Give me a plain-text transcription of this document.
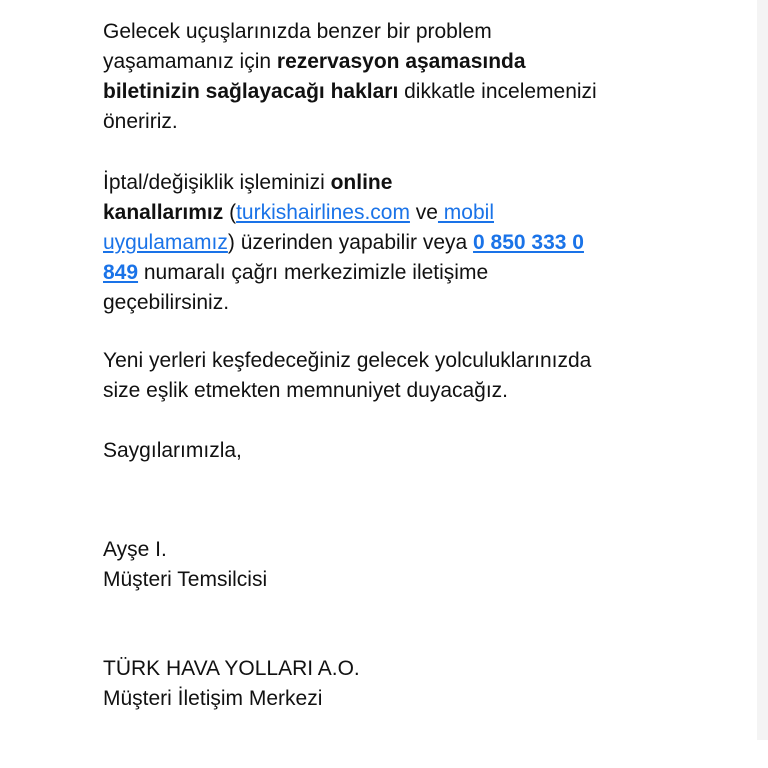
Gelecek uçuşlarınızda benzer bir problem
yaşamamanız için rezervasyon aşamasında
biletinizin sağlayacağı hakları dikkatle incelemenizi
öneririz.
İptal/değişiklik işleminizi online
kanallarımız (turkishairlines.com ve mobil
uygulamamız) üzerinden yapabilir veya 0 850 333 0
849 numaralı çağrı merkezimizle iletişime
geçebilirsiniz.
Yeni yerleri keşfedeceğiniz gelecek yolculuklarınızda
size eşlik etmekten memnuniyet duyacağız.
Saygılarımızla,
Ayşe I.
Müşteri Temsilcisi
TÜRK HAVA YOLLARI A.O.
Müşteri İletişim Merkezi
